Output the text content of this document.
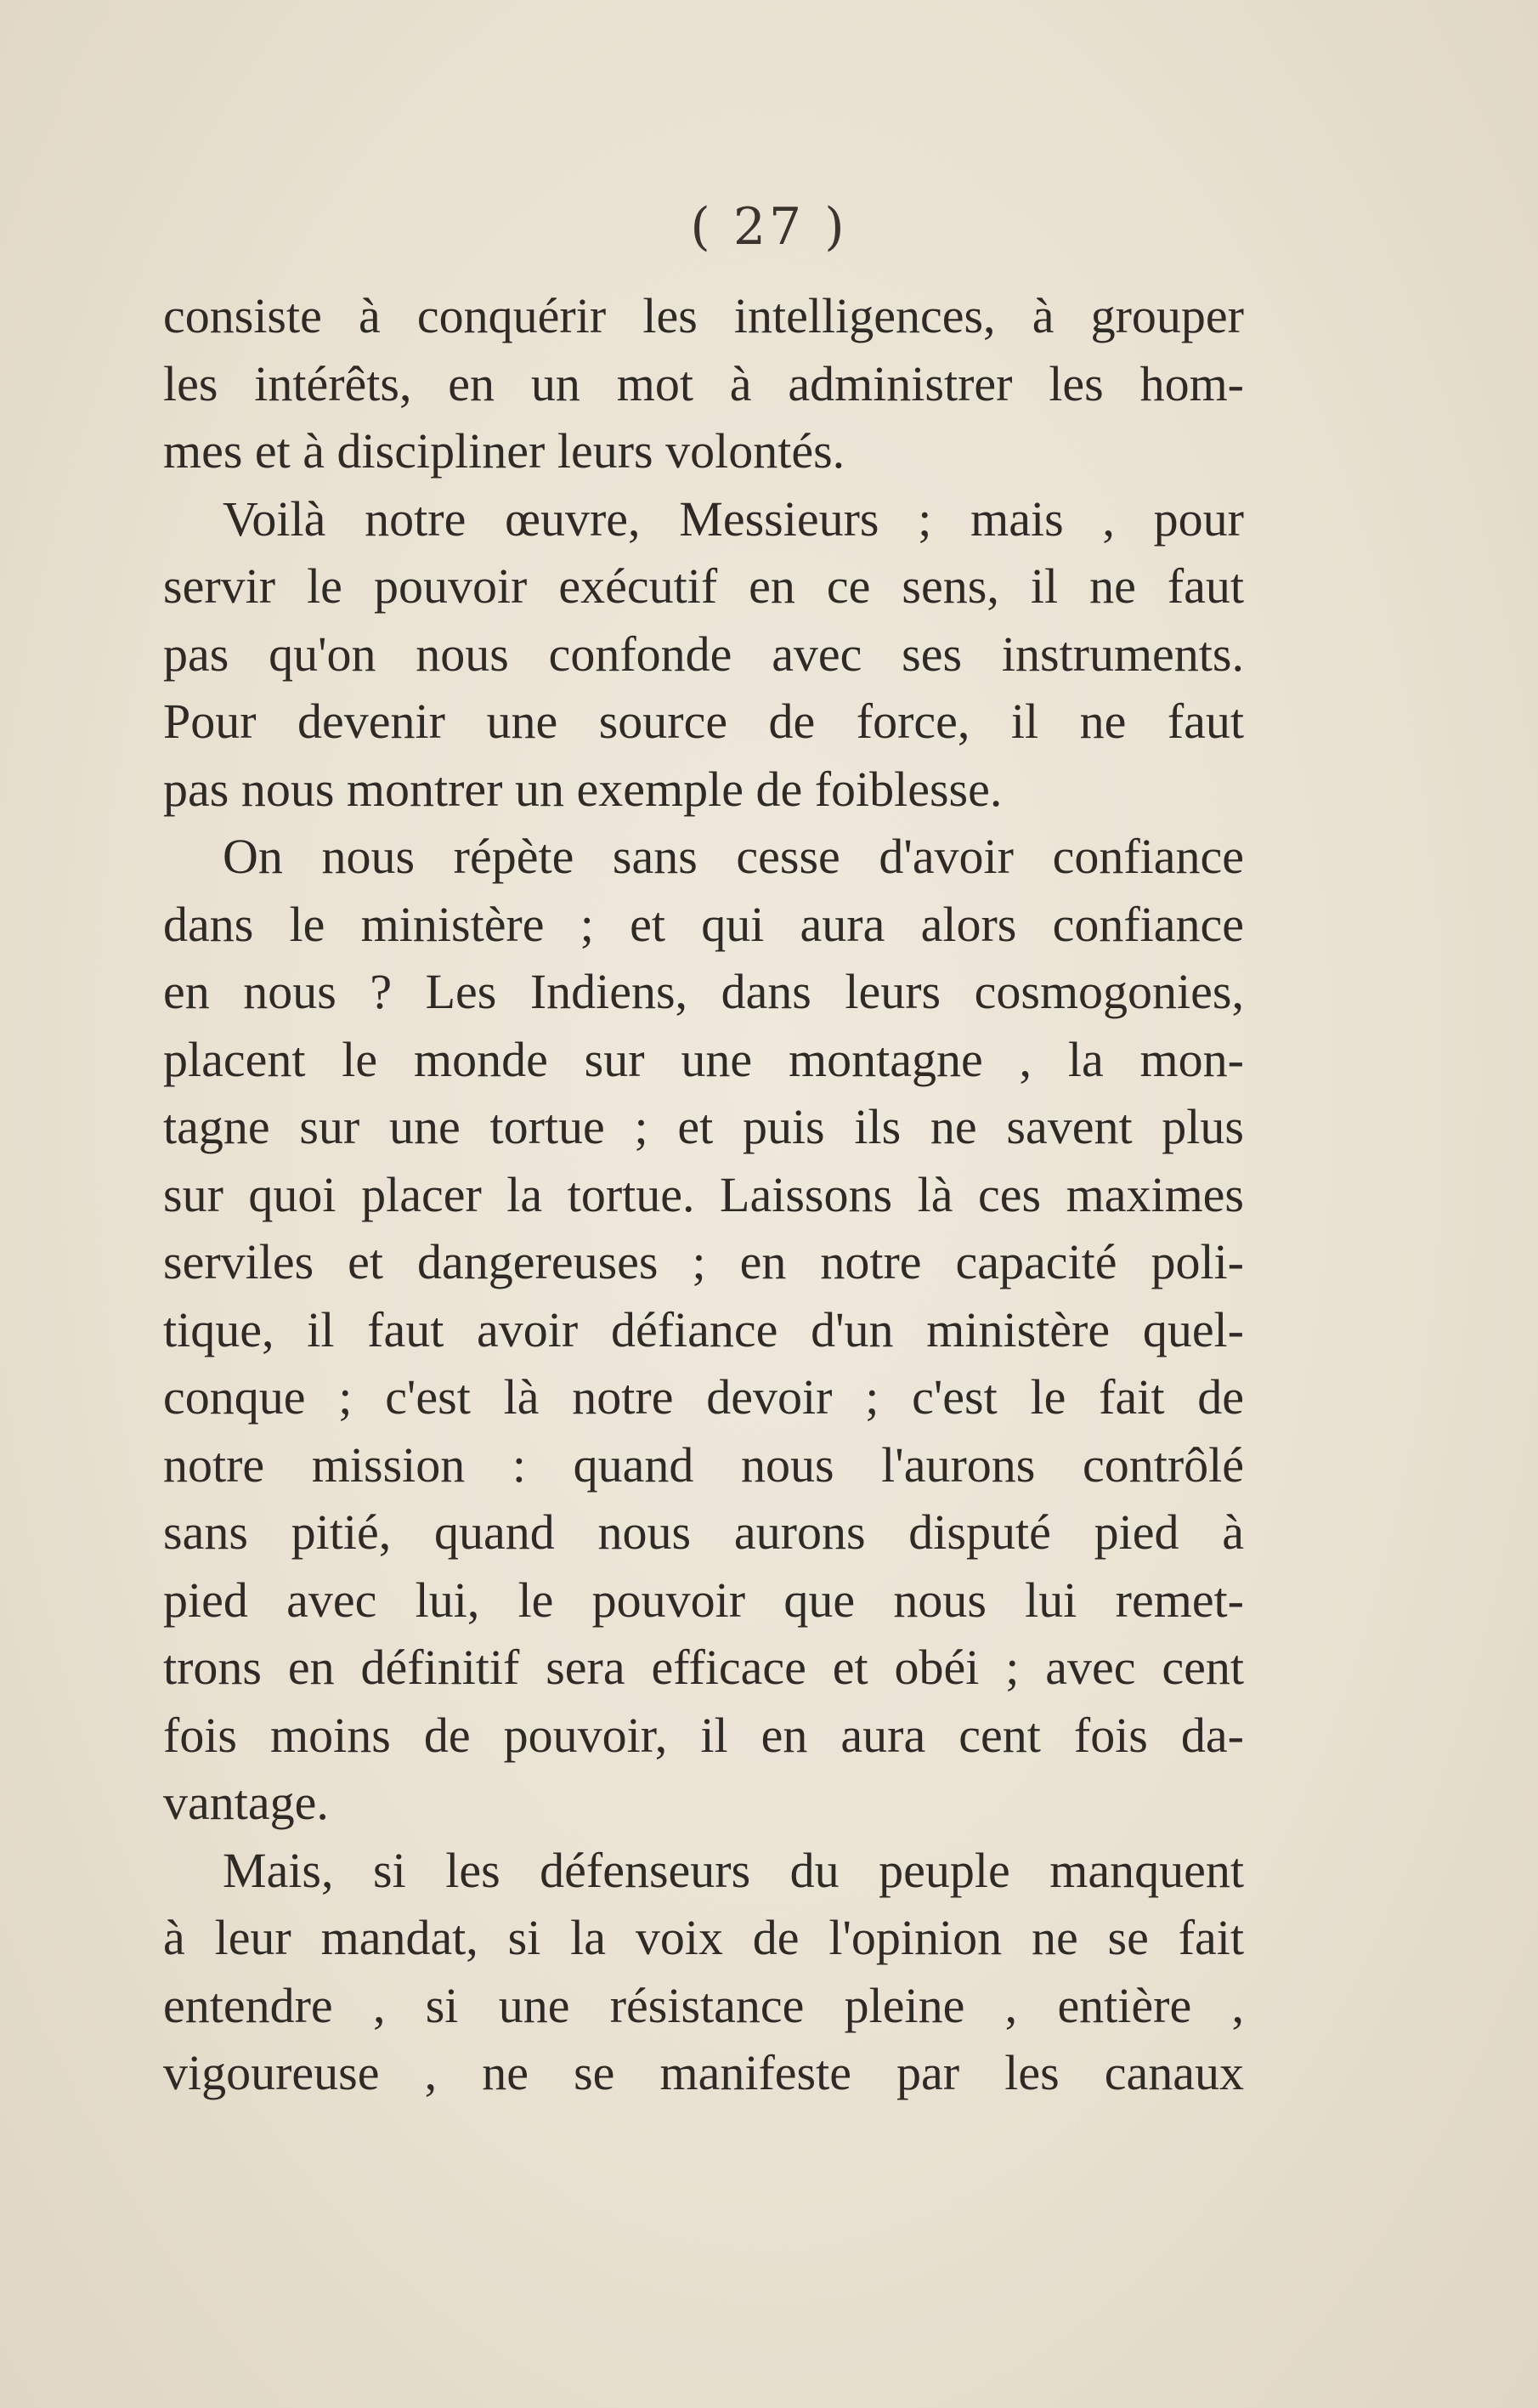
( 27 )
consiste à conquérir les intelligences, à grouper
les intérêts, en un mot à administrer les hom-
mes et à discipliner leurs volontés.
Voilà notre œuvre, Messieurs ; mais , pour
servir le pouvoir exécutif en ce sens, il ne faut
pas qu'on nous confonde avec ses instruments.
Pour devenir une source de force, il ne faut
pas nous montrer un exemple de foiblesse.
On nous répète sans cesse d'avoir confiance
dans le ministère ; et qui aura alors confiance
en nous ? Les Indiens, dans leurs cosmogonies,
placent le monde sur une montagne , la mon-
tagne sur une tortue ; et puis ils ne savent plus
sur quoi placer la tortue. Laissons là ces maximes
serviles et dangereuses ; en notre capacité poli-
tique, il faut avoir défiance d'un ministère quel-
conque ; c'est là notre devoir ; c'est le fait de
notre mission : quand nous l'aurons contrôlé
sans pitié, quand nous aurons disputé pied à
pied avec lui, le pouvoir que nous lui remet-
trons en définitif sera efficace et obéi ; avec cent
fois moins de pouvoir, il en aura cent fois da-
vantage.
Mais, si les défenseurs du peuple manquent
à leur mandat, si la voix de l'opinion ne se fait
entendre , si une résistance pleine , entière ,
vigoureuse , ne se manifeste par les canaux
